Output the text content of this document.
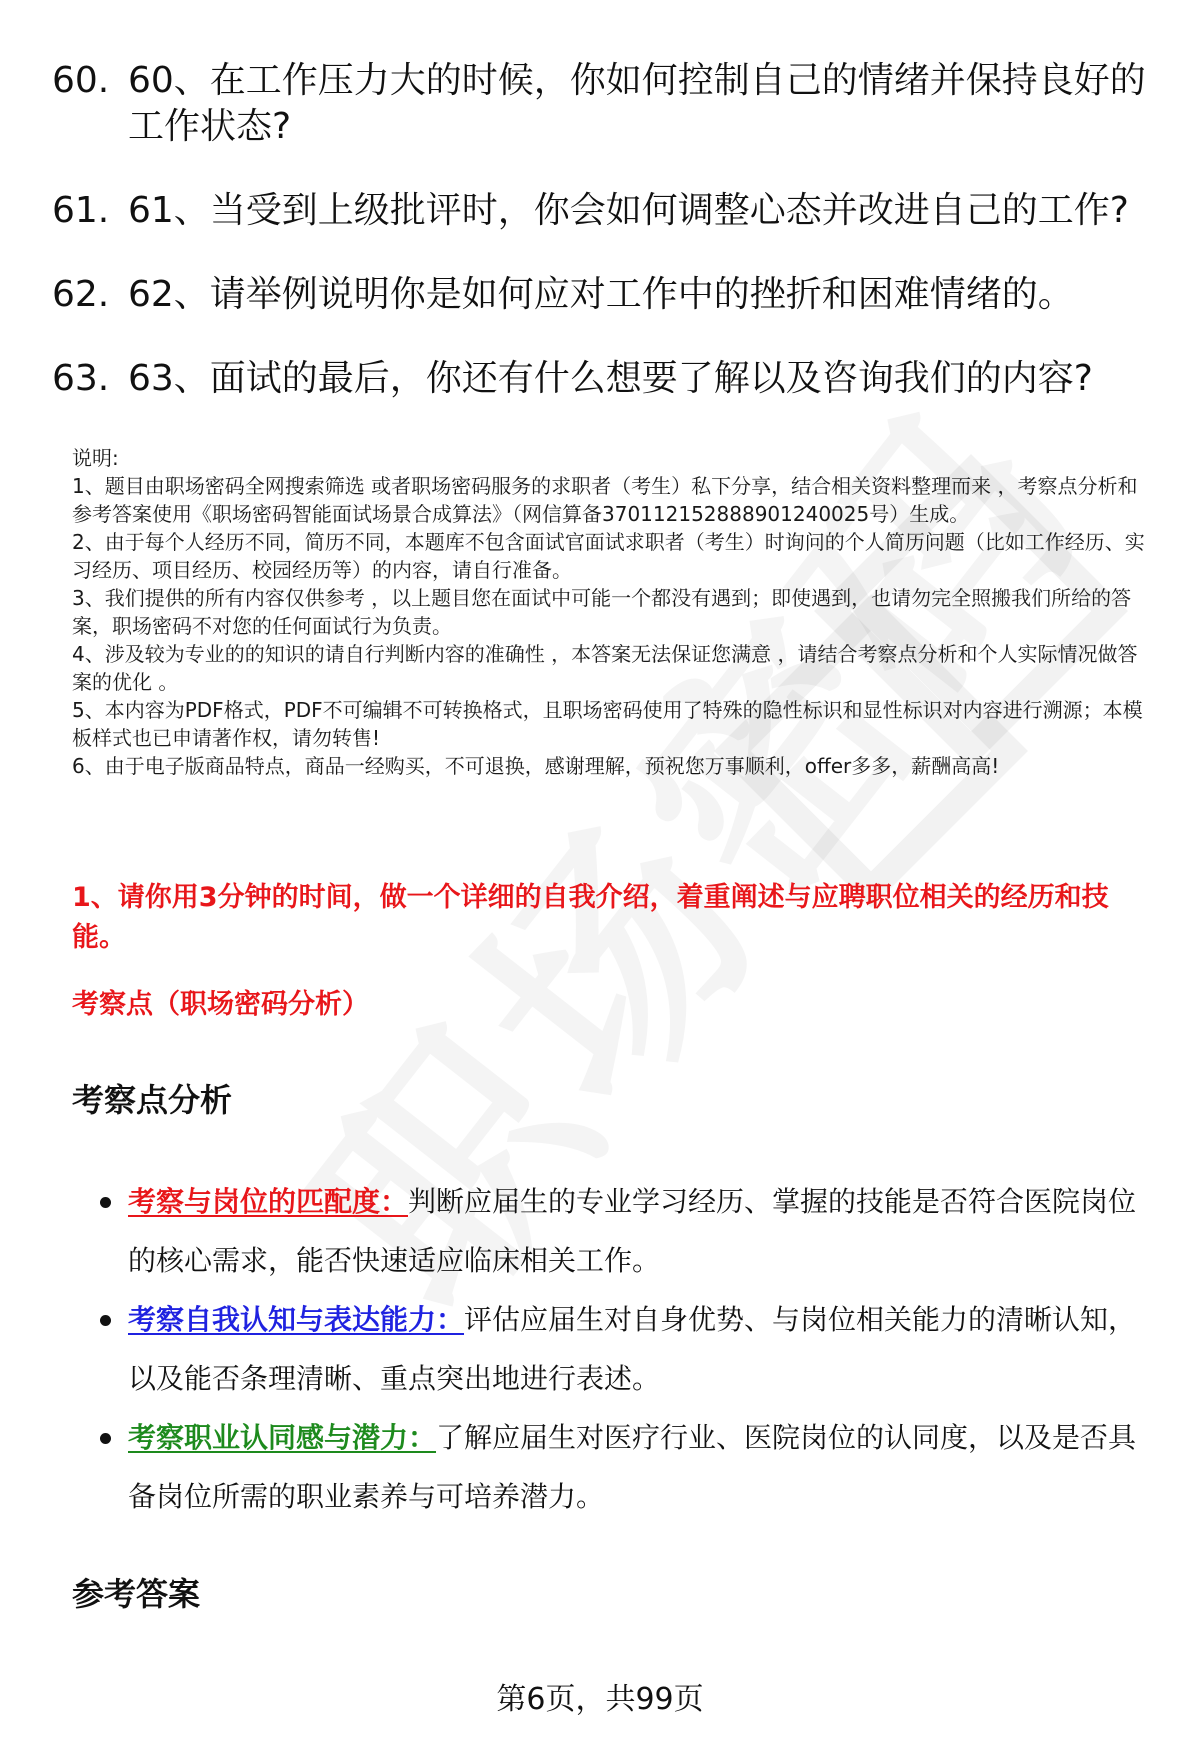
60. 60、在工作压力大的时候，你如何控制自己的情绪并保持良好的工作状态?
61. 61、当受到上级批评时，你会如何调整心态并改进自己的工作?
62. 62、请举例说明你是如何应对工作中的挫折和困难情绪的。
63. 63、面试的最后，你还有什么想要了解以及咨询我们的内容?

说明:

1、题目由职场密码全网搜索筛选 或者职场密码服务的求职者（考生）私下分享，结合相关资料整理而来 ，考察点分析和参考答案使用《职场密码智能面试场景合成算法》（网信算备370112152888901240025号）生成。

2、由于每个人经历不同，简历不同，本题库不包含面试官面试求职者（考生）时询问的个人简历问题（比如工作经历、实习经历、项目经历、校园经历等）的内容，请自行准备。

3、我们提供的所有内容仅供参考 ，以上题目您在面试中可能一个都没有遇到；即使遇到，也请勿完全照搬我们所给的答案，职场密码不对您的任何面试行为负责。

4、涉及较为专业的的知识的请自行判断内容的准确性 ，本答案无法保证您满意 ，请结合考察点分析和个人实际情况做答案的优化 。

5、本内容为PDF格式，PDF不可编辑不可转换格式，且职场密码使用了特殊的隐性标识和显性标识对内容进行溯源；本模板样式也已申请著作权，请勿转售!

6、由于电子版商品特点，商品一经购买，不可退换，感谢理解，预祝您万事顺利，offer多多，薪酬高高!

1、请你用3分钟的时间，做一个详细的自我介绍，着重阐述与应聘职位相关的经历和技能。
考察点（职场密码分析）
考察点分析
考察与岗位的匹配度：判断应届生的专业学习经历、掌握的技能是否符合医院岗位的核心需求，能否快速适应临床相关工作。
考察自我认知与表达能力：评估应届生对自身优势、与岗位相关能力的清晰认知，以及能否条理清晰、重点突出地进行表述。
考察职业认同感与潜力：了解应届生对医疗行业、医院岗位的认同度，以及是否具备岗位所需的职业素养与可培养潜力。
参考答案
第6页，共99页
